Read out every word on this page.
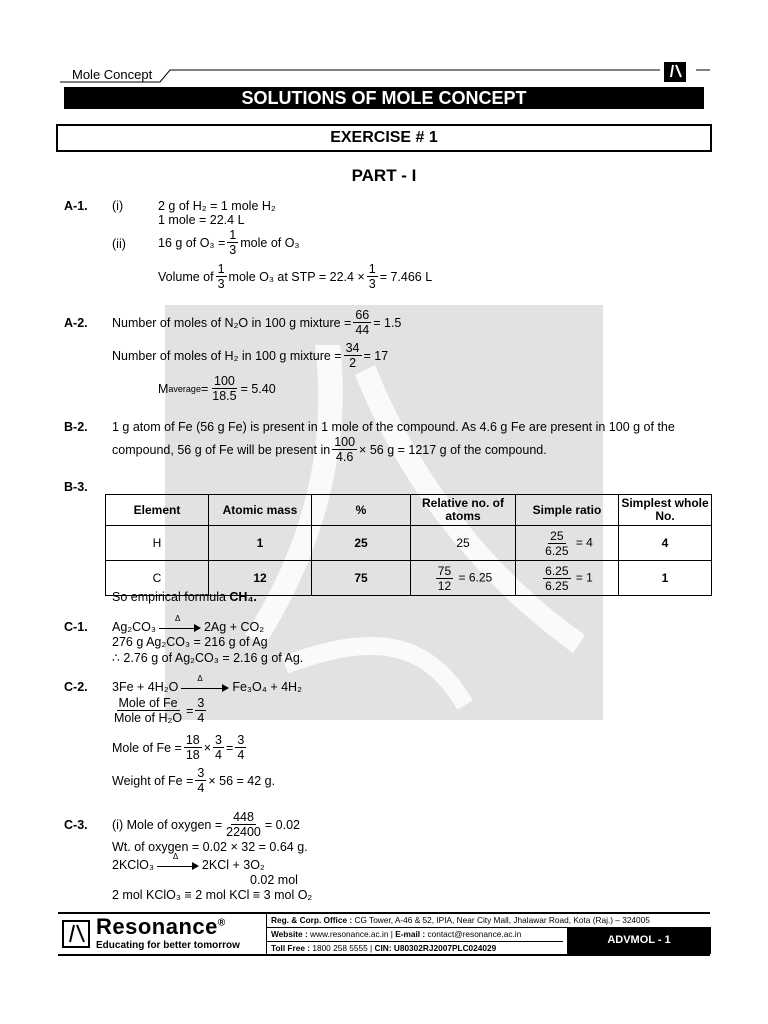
Mole Concept
SOLUTIONS OF MOLE CONCEPT
EXERCISE # 1
PART - I
A-1. (i)	2 g of H₂ = 1 mole H₂
1 mole = 22.4 L
(ii)	16 g of $O_3 = \frac{1}{3}$ mole of O₃
Volume of $\frac{1}{3}$ mole O₃ at STP = $22.4 \times \frac{1}{3} = 7.466$ L
A-2. Number of moles of N₂O in 100 g mixture = $\frac{66}{44} = 1.5$
Number of moles of H₂ in 100 g mixture = $\frac{34}{2} = 17$
M average = $\frac{100}{18.5} = 5.40$
B-2. 1 g atom of Fe (56 g Fe) is present in 1 mole of the compound. As 4.6 g Fe are present in 100 g of the
compound, 56 g of Fe will be present in $\frac{100}{4.6} \times 56$ g = 1217 g of the compound.
B-3.
Element	Atomic mass	%	Relative no. of atoms	Simple ratio	Simplest whole No.
H	1	25	25	$\frac{25}{6.25} = 4$	4
C	12	75	$\frac{75}{12} = 6.25$	$\frac{6.25}{6.25} = 1$	1
So empirical formula CH₄.
C-1. Ag₂CO₃
Δ
2Ag + CO₂
276 g Ag₂CO₃ = 216 g of Ag
∴ 2.76 g of Ag₂CO₃ = 2.16 g of Ag.
C-2. 3Fe + 4H₂O
Δ
Fe₃O₄ + 4H₂
$\frac{\text{Mole of Fe}}{\text{Mole of H₂O}} = \frac{3}{4}$
Mole of $Fe = \frac{18}{18} \times \frac{3}{4} = \frac{3}{4}$
Weight of $Fe = \frac{3}{4} \times 56 = 42$ g.
C-3. (i) Mole of oxygen = $\frac{448}{22400} = 0.02$
Wt. of oxygen = 0.02 × 32 = 0.64 g.
2KClO₃
Δ
2KCl + 3O₂
0.02 mol
2 mol KClO₃ ≡ 2 mol KCl ≡ 3 mol O₂
Resonance®
Educating for better tomorrow
Reg. & Corp. Office : CG Tower, A-46 & 52, IPIA, Near City Mall, Jhalawar Road, Kota (Raj.) – 324005
Website : www.resonance.ac.in | E-mail : contact@resonance.ac.in
Toll Free : 1800 258 5555 | CIN: U80302RJ2007PLC024029
ADVMOL - 1
